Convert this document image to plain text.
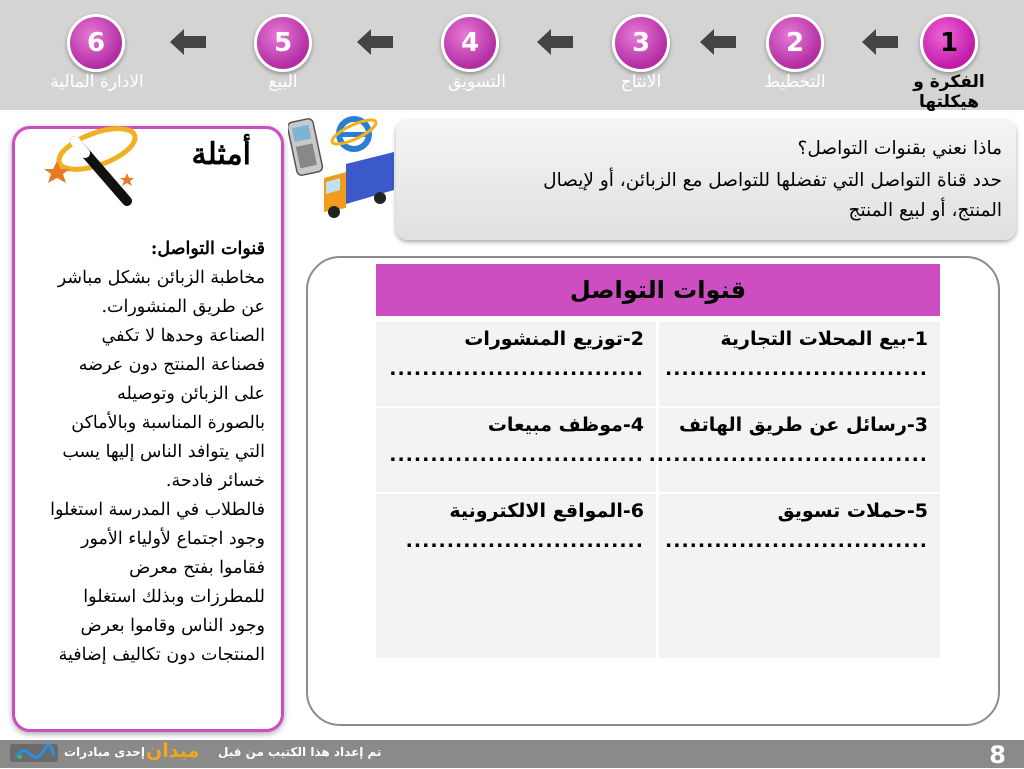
1
2
3
4
5
6
الفكرة و هيكلتها
التخطيط
الانتاج
التسويق
البيع
الادارة المالية
أمثلة
قنوات التواصل:
مخاطبة الزبائن بشكل مباشر
عن طريق المنشورات.
الصناعة وحدها لا تكفي
فصناعة المنتج دون عرضه
على الزبائن وتوصيله
بالصورة المناسبة وبالأماكن
التي يتوافد الناس إليها يسب
خسائر فادحة.
فالطلاب في المدرسة استغلوا
وجود اجتماع لأولياء الأمور
فقاموا بفتح معرض
للمطرزات وبذلك استغلوا
وجود الناس وقاموا بعرض
المنتجات دون تكاليف إضافية

ماذا نعني بقنوات التواصل؟

حدد قناة التواصل التي تفضلها للتواصل مع الزبائن، أو لإيصال

المنتج، أو لبيع المنتج

قنوات التواصل
1-بيع المحلات التجارية
................................
3-رسائل عن طريق الهاتف
..................................
5-حملات تسويق
................................
2-توزيع المنشورات
...............................
4-موظف مبيعات
...............................
6-المواقع الالكترونية
.............................
8
تم إعداد هذا الكتيب من قبل
ميدان
إحدى مبادرات
